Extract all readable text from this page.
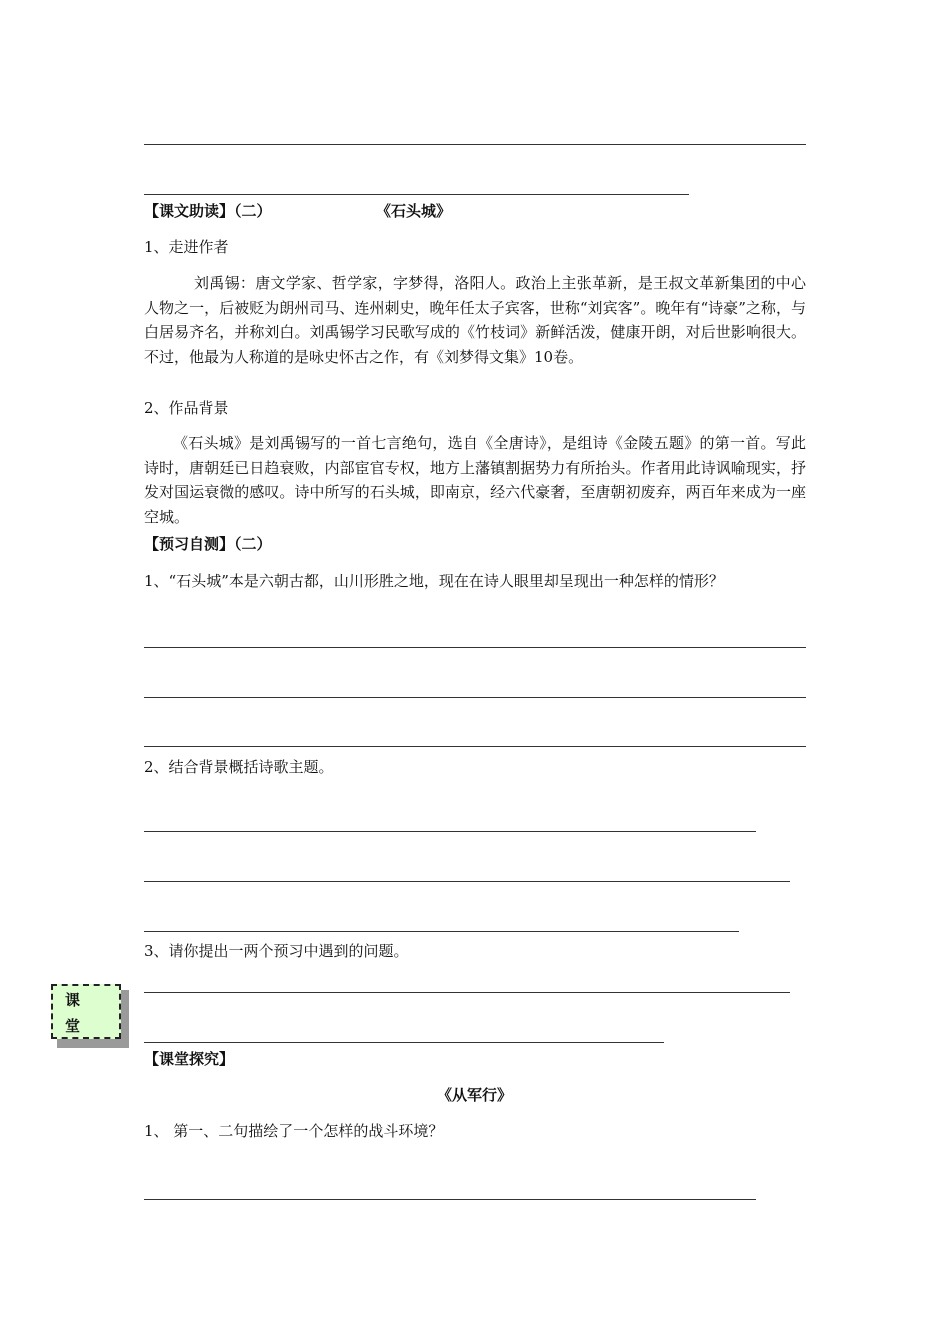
【课文助读】（二）	《石头城》
1、走进作者
刘禹锡：唐文学家、哲学家，字梦得，洛阳人。政治上主张革新，是王叔文革新集团的中心人物之一，后被贬为朗州司马、连州刺史，晚年任太子宾客，世称“刘宾客”。晚年有“诗豪”之称，与白居易齐名，并称刘白。刘禹锡学习民歌写成的《竹枝词》新鲜活泼，健康开朗，对后世影响很大。不过，他最为人称道的是咏史怀古之作，有《刘梦得文集》10卷。
2、作品背景
《石头城》是刘禹锡写的一首七言绝句，选自《全唐诗》，是组诗《金陵五题》的第一首。写此诗时，唐朝廷已日趋衰败，内部宦官专权，地方上藩镇割据势力有所抬头。作者用此诗讽喻现实，抒发对国运衰微的感叹。诗中所写的石头城，即南京，经六代豪奢，至唐朝初废弃，两百年来成为一座空城。
【预习自测】（二）
1、“石头城”本是六朝古都，山川形胜之地，现在在诗人眼里却呈现出一种怎样的情形？
2、结合背景概括诗歌主题。
3、请你提出一两个预习中遇到的问题。
课
堂
【课堂探究】
《从军行》
1、 第一、二句描绘了一个怎样的战斗环境？
